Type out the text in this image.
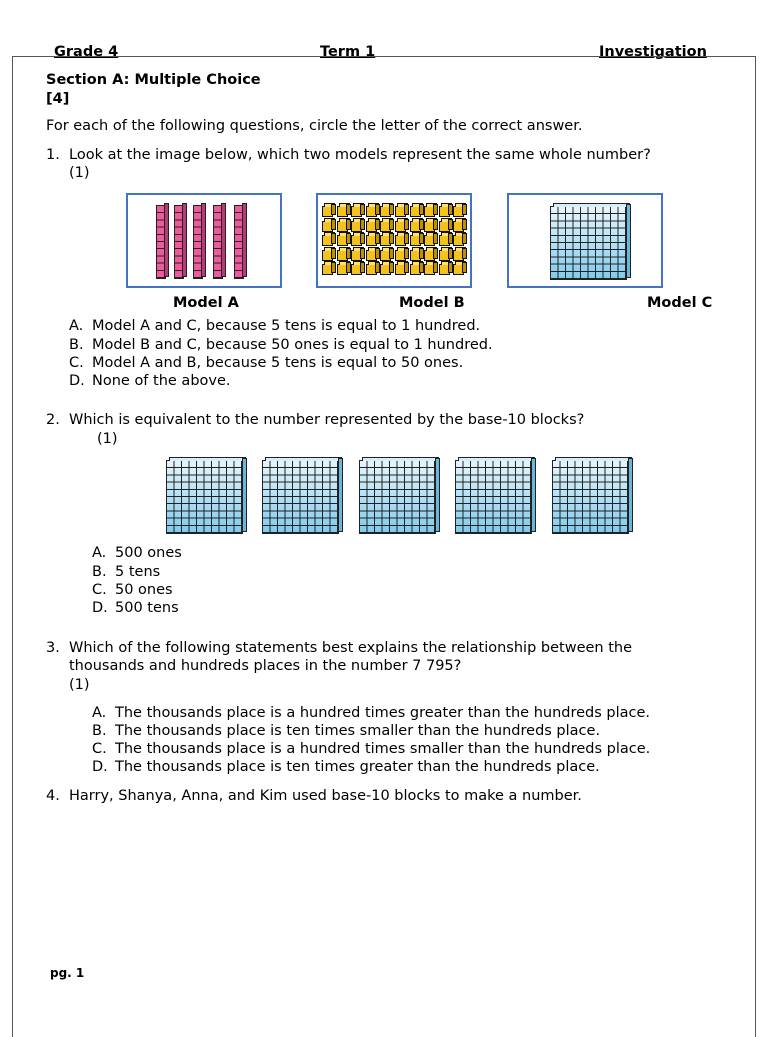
Grade 4	Term 1	Investigation
Section A: Multiple Choice
[4]
For each of the following questions, circle the letter of the correct answer.
1. Look at the image below, which two models represent the same whole number?
(1)
Model A	Model B	Model C
A. Model A and C, because 5 tens is equal to 1 hundred.
B. Model B and C, because 50 ones is equal to 1 hundred.
C. Model A and B, because 5 tens is equal to 50 ones.
D. None of the above.
2. Which is equivalent to the number represented by the base-10 blocks?
(1)
A. 500 ones
B. 5 tens
C. 50 ones
D. 500 tens
3. Which of the following statements best explains the relationship between the
thousands and hundreds places in the number 7 795?
(1)
A. The thousands place is a hundred times greater than the hundreds place.
B. The thousands place is ten times smaller than the hundreds place.
C. The thousands place is a hundred times smaller than the hundreds place.
D. The thousands place is ten times greater than the hundreds place.
4. Harry, Shanya, Anna, and Kim used base-10 blocks to make a number.
pg. 1
